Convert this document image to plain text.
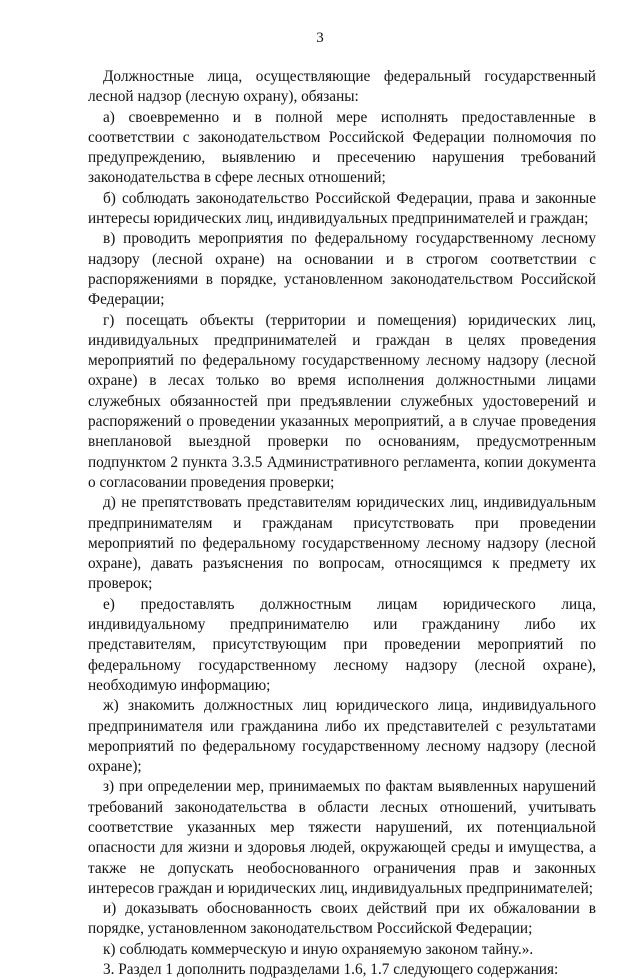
3

Должностные лица, осуществляющие федеральный государственный лесной надзор (лесную охрану), обязаны:

а) своевременно и в полной мере исполнять предоставленные в соответствии с законодательством Российской Федерации полномочия по предупреждению, выявлению и пресечению нарушения требований законодательства в сфере лесных отношений;

б) соблюдать законодательство Российской Федерации, права и законные интересы юридических лиц, индивидуальных предпринимателей и граждан;

в) проводить мероприятия по федеральному государственному лесному надзору (лесной охране) на основании и в строгом соответствии с распоряжениями в порядке, установленном законодательством Российской Федерации;

г) посещать объекты (территории и помещения) юридических лиц, индивидуальных предпринимателей и граждан в целях проведения мероприятий по федеральному государственному лесному надзору (лесной охране) в лесах только во время исполнения должностными лицами служебных обязанностей при предъявлении служебных удостоверений и распоряжений о проведении указанных мероприятий, а в случае проведения внеплановой выездной проверки по основаниям, предусмотренным подпунктом 2 пункта 3.3.5 Административного регламента, копии документа о согласовании проведения проверки;

д) не препятствовать представителям юридических лиц, индивидуальным предпринимателям и гражданам присутствовать при проведении мероприятий по федеральному государственному лесному надзору (лесной охране), давать разъяснения по вопросам, относящимся к предмету их проверок;

е) предоставлять должностным лицам юридического лица, индивидуальному предпринимателю или гражданину либо их представителям, присутствующим при проведении мероприятий по федеральному государственному лесному надзору (лесной охране), необходимую информацию;

ж) знакомить должностных лиц юридического лица, индивидуального предпринимателя или гражданина либо их представителей с результатами мероприятий по федеральному государственному лесному надзору (лесной охране);

з) при определении мер, принимаемых по фактам выявленных нарушений требований законодательства в области лесных отношений, учитывать соответствие указанных мер тяжести нарушений, их потенциальной опасности для жизни и здоровья людей, окружающей среды и имущества, а также не допускать необоснованного ограничения прав и законных интересов граждан и юридических лиц, индивидуальных предпринимателей;

и) доказывать обоснованность своих действий при их обжаловании в порядке, установленном законодательством Российской Федерации;

к) соблюдать коммерческую и иную охраняемую законом тайну.».

3. Раздел 1 дополнить подразделами 1.6, 1.7 следующего содержания:
